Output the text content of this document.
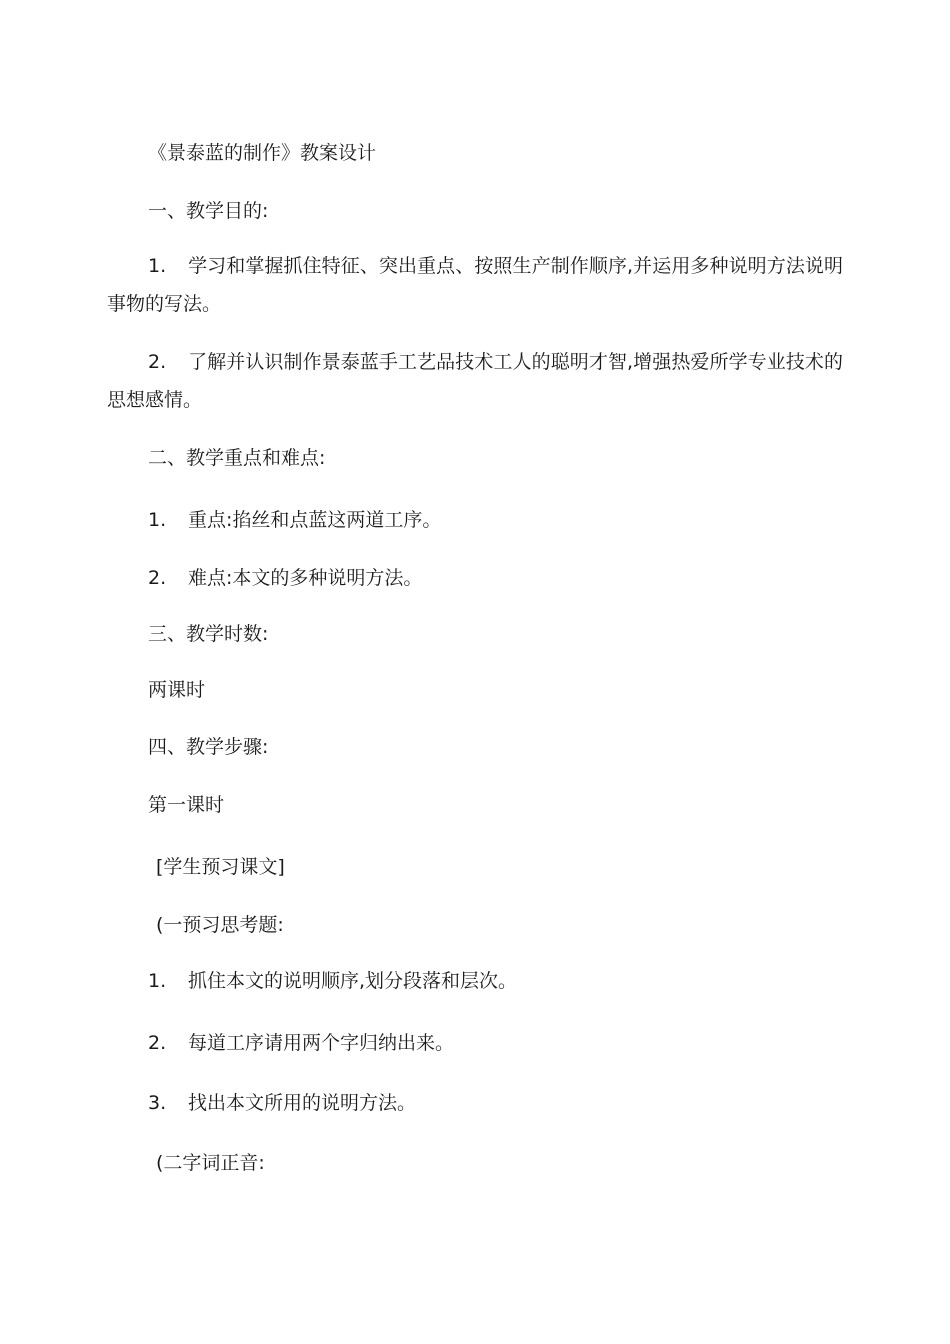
《景泰蓝的制作》教案设计
一、教学目的:
1. 学习和掌握抓住特征、突出重点、按照生产制作顺序,并运用多种说明方法说明事物的写法。
2. 了解并认识制作景泰蓝手工艺品技术工人的聪明才智,增强热爱所学专业技术的思想感情。
二、教学重点和难点:
1. 重点:掐丝和点蓝这两道工序。
2. 难点:本文的多种说明方法。
三、教学时数:
两课时
四、教学步骤:
第一课时
[学生预习课文]
(一预习思考题:
1. 抓住本文的说明顺序,划分段落和层次。
2. 每道工序请用两个字归纳出来。
3. 找出本文所用的说明方法。
(二字词正音:
